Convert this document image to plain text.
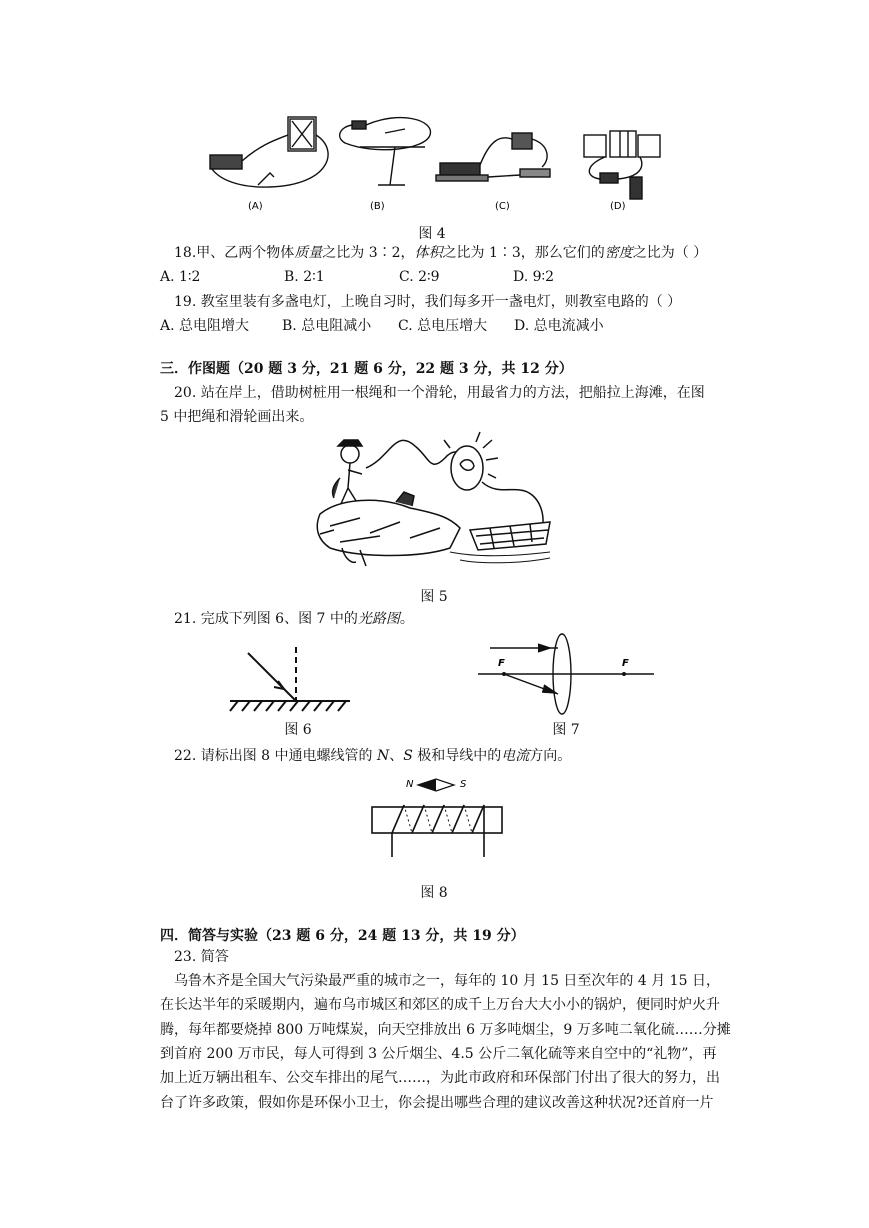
(A)	(B)	(C)	(D)
图 4
18.甲、乙两个物体质量之比为 3∶2，体积之比为 1∶3，那么它们的密度之比为（ ）
A. 1∶2	B. 2∶1	C. 2∶9	D. 9∶2
19. 教室里装有多盏电灯，上晚自习时，我们每多开一盏电灯，则教室电路的（ ）
A. 总电阻增大 B. 总电阻减小 C. 总电压增大 D. 总电流减小
三．作图题（20 题 3 分，21 题 6 分，22 题 3 分，共 12 分）
20. 站在岸上，借助树桩用一根绳和一个滑轮，用最省力的方法，把船拉上海滩，在图
5 中把绳和滑轮画出来。
图 5
21. 完成下列图 6、图 7 中的光路图。
图 6
F	F
图 7
22. 请标出图 8 中通电螺线管的 N、S 极和导线中的电流方向。
N	S
图 8
四．简答与实验（23 题 6 分，24 题 13 分，共 19 分）
23. 简答
乌鲁木齐是全国大气污染最严重的城市之一，每年的 10 月 15 日至次年的 4 月 15 日，
在长达半年的采暖期内，遍布乌市城区和郊区的成千上万台大大小小的锅炉，便同时炉火升
腾，每年都要烧掉 800 万吨煤炭，向天空排放出 6 万多吨烟尘，9 万多吨二氧化硫……分摊
到首府 200 万市民，每人可得到 3 公斤烟尘、4.5 公斤二氧化硫等来自空中的“礼物”，再
加上近万辆出租车、公交车排出的尾气……，为此市政府和环保部门付出了很大的努力，出
台了许多政策，假如你是环保小卫士，你会提出哪些合理的建议改善这种状况?还首府一片
